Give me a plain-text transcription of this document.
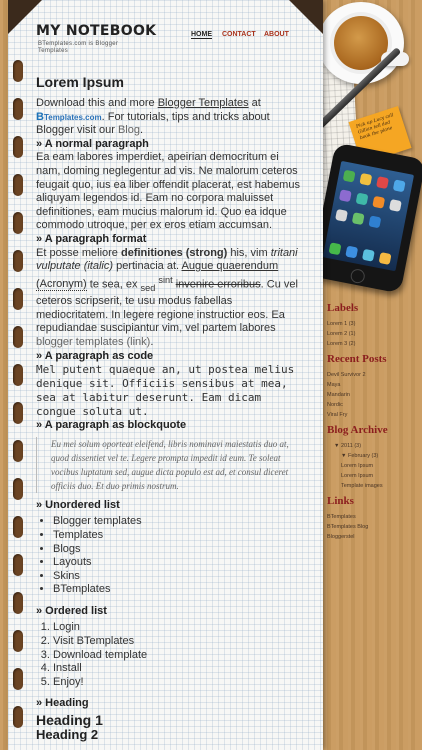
Pick up Lucy call Gillian tell dad book the plane
MY NOTEBOOK
BTemplates.com is Blogger Templates
HOME CONTACT ABOUT
Lorem Ipsum

Download this and more Blogger Templates at BTemplates.com. For tutorials, tips and tricks about Blogger visit our Blog.

» A normal paragraph

Ea eam labores imperdiet, apeirian democritum ei nam, doming neglegentur ad vis. Ne malorum ceteros feugait quo, ius ea liber offendit placerat, est habemus aliquyam legendos id. Eam no corpora maluisset definitiones, eam mucius malorum id. Quo ea idque commodo utroque, per ex eros etiam accumsan.

» A paragraph format

Et posse meliore definitiones (strong) his, vim tritani vulputate (italic) pertinacia at. Augue quaerendum (Acronym) te sea, ex $_{sed}$ $^{sint}$ invenire erroribus. Cu vel ceteros scripserit, te usu modus fabellas mediocritatem. In legere regione instructior eos. Ea repudiandae suscipiantur vim, vel partem labores blogger templates (link).

» A paragraph as code

Mel putent quaeque an, ut postea melius denique sit. Officiis sensibus at mea, sea at labitur deserunt. Eam dicam congue soluta ut.

» A paragraph as blockquote
Eu mei solum oporteat eleifend, libris nominavi maiestatis duo at, quod dissentiet vel te. Legere prompta impedit id eum. Te soleat vocibus luptatum sed, augue dicta populo est ad, et consul diceret officiis duo. Et duo primis nostrum.
» Unordered list
• Blogger templates
• Templates
• Blogs
• Layouts
• Skins
• BTemplates
» Ordered list
1. Login
2. Visit BTemplates
3. Download template
4. Install
5. Enjoy!
» Heading
Heading 1
Heading 2
Labels
Lorem 1 (3)
Lorem 2 (1)
Lorem 3 (2)
Recent Posts
Devil Survivor 2
Maya
Mandarin
Nordic
Viral Fry
Blog Archive
▼ 2011 (3)
▼ February (3)
Lorem Ipsum
Lorem Ipsum
Template images
Links
BTemplates
BTemplates Blog
Bloggerstel
